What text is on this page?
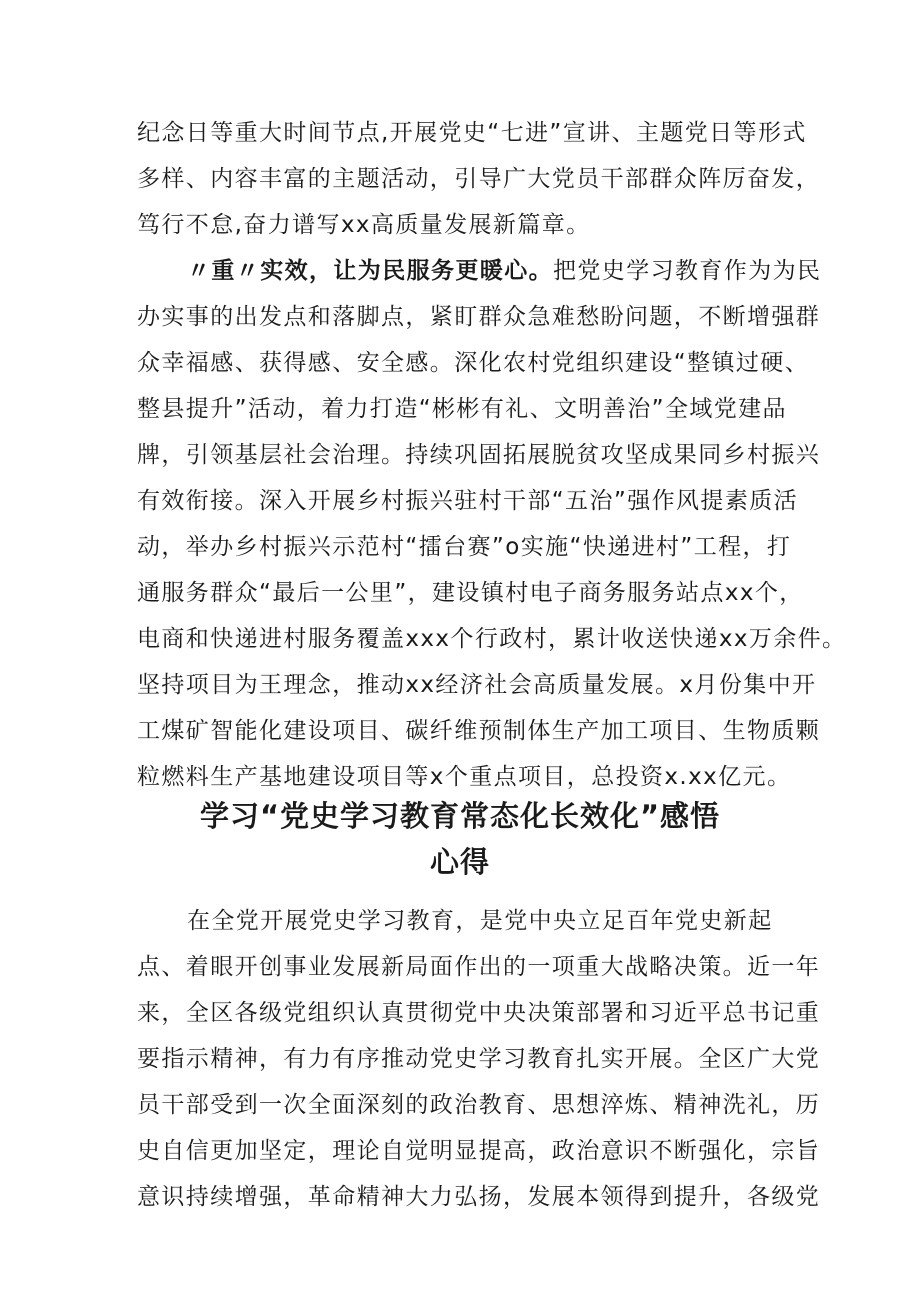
纪念日等重大时间节点,开展党史“七进”宣讲、主题党日等形式
多样、内容丰富的主题活动，引导广大党员干部群众阵厉奋发，
笃行不怠,奋力谱写xx高质量发展新篇章。
〃重〃实效，让为民服务更暖心。把党史学习教育作为为民
办实事的出发点和落脚点，紧盯群众急难愁盼问题，不断增强群
众幸福感、获得感、安全感。深化农村党组织建设“整镇过硬、
整县提升”活动，着力打造“彬彬有礼、文明善治”全域党建品
牌，引领基层社会治理。持续巩固拓展脱贫攻坚成果同乡村振兴
有效衔接。深入开展乡村振兴驻村干部“五治”强作风提素质活
动，举办乡村振兴示范村“擂台赛”o实施“快递进村”工程，打
通服务群众“最后一公里”，建设镇村电子商务服务站点xx个，
电商和快递进村服务覆盖xxx个行政村，累计收送快递xx万余件。
坚持项目为王理念，推动xx经济社会高质量发展。x月份集中开
工煤矿智能化建设项目、碳纤维预制体生产加工项目、生物质颗
粒燃料生产基地建设项目等x个重点项目，总投资x.xx亿元。
学习“党史学习教育常态化长效化”感悟
心得
在全党开展党史学习教育，是党中央立足百年党史新起
点、着眼开创事业发展新局面作出的一项重大战略决策。近一年
来，全区各级党组织认真贯彻党中央决策部署和习近平总书记重
要指示精神，有力有序推动党史学习教育扎实开展。全区广大党
员干部受到一次全面深刻的政治教育、思想淬炼、精神洗礼，历
史自信更加坚定，理论自觉明显提高，政治意识不断强化，宗旨
意识持续增强，革命精神大力弘扬，发展本领得到提升，各级党
